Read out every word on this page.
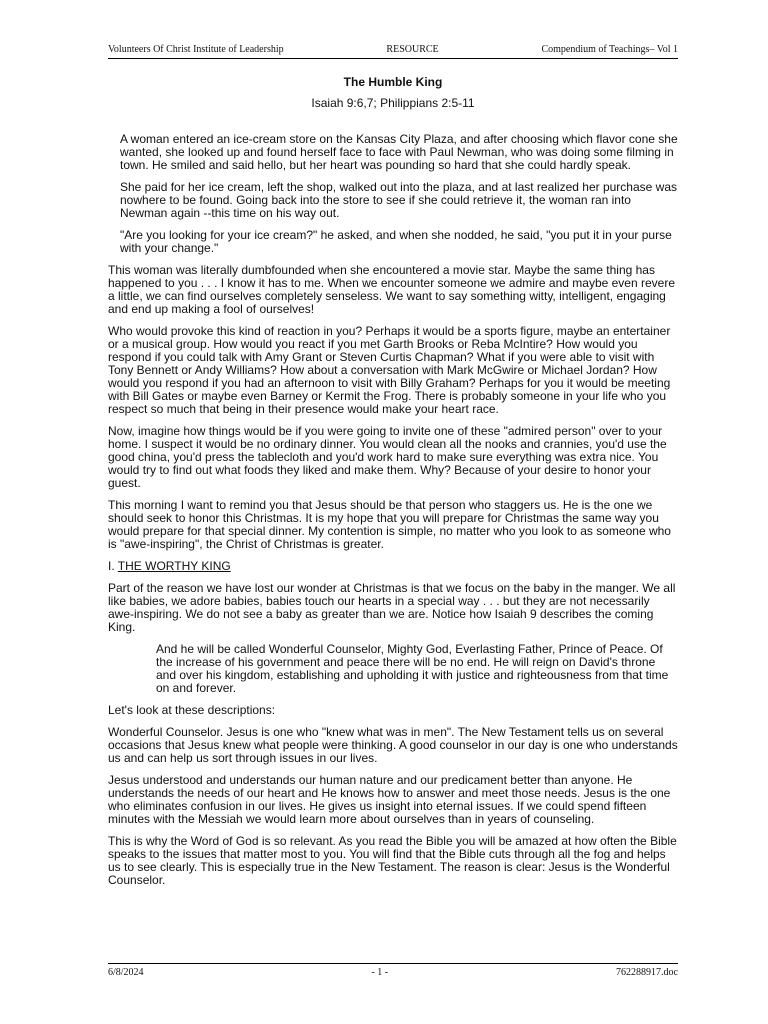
Volunteers Of Christ Institute of Leadership	RESOURCE	Compendium of Teachings– Vol 1
The Humble King
Isaiah 9:6,7; Philippians 2:5-11

A woman entered an ice-cream store on the Kansas City Plaza, and after choosing which flavor cone she wanted, she looked up and found herself face to face with Paul Newman, who was doing some filming in town. He smiled and said hello, but her heart was pounding so hard that she could hardly speak.

She paid for her ice cream, left the shop, walked out into the plaza, and at last realized her purchase was nowhere to be found. Going back into the store to see if she could retrieve it, the woman ran into Newman again --this time on his way out.

"Are you looking for your ice cream?" he asked, and when she nodded, he said, "you put it in your purse with your change."

This woman was literally dumbfounded when she encountered a movie star. Maybe the same thing has happened to you . . . I know it has to me. When we encounter someone we admire and maybe even revere a little, we can find ourselves completely senseless. We want to say something witty, intelligent, engaging and end up making a fool of ourselves!

Who would provoke this kind of reaction in you? Perhaps it would be a sports figure, maybe an entertainer or a musical group. How would you react if you met Garth Brooks or Reba McIntire? How would you respond if you could talk with Amy Grant or Steven Curtis Chapman? What if you were able to visit with Tony Bennett or Andy Williams? How about a conversation with Mark McGwire or Michael Jordan? How would you respond if you had an afternoon to visit with Billy Graham? Perhaps for you it would be meeting with Bill Gates or maybe even Barney or Kermit the Frog. There is probably someone in your life who you respect so much that being in their presence would make your heart race.

Now, imagine how things would be if you were going to invite one of these "admired person" over to your home. I suspect it would be no ordinary dinner. You would clean all the nooks and crannies, you'd use the good china, you'd press the tablecloth and you'd work hard to make sure everything was extra nice. You would try to find out what foods they liked and make them. Why? Because of your desire to honor your guest.

This morning I want to remind you that Jesus should be that person who staggers us. He is the one we should seek to honor this Christmas. It is my hope that you will prepare for Christmas the same way you would prepare for that special dinner. My contention is simple, no matter who you look to as someone who is "awe-inspiring", the Christ of Christmas is greater.

I. THE WORTHY KING

Part of the reason we have lost our wonder at Christmas is that we focus on the baby in the manger. We all like babies, we adore babies, babies touch our hearts in a special way . . . but they are not necessarily awe-inspiring. We do not see a baby as greater than we are. Notice how Isaiah 9 describes the coming King.

And he will be called Wonderful Counselor, Mighty God, Everlasting Father, Prince of Peace. Of the increase of his government and peace there will be no end. He will reign on David's throne and over his kingdom, establishing and upholding it with justice and righteousness from that time on and forever.

Let's look at these descriptions:

Wonderful Counselor. Jesus is one who "knew what was in men". The New Testament tells us on several occasions that Jesus knew what people were thinking. A good counselor in our day is one who understands us and can help us sort through issues in our lives.

Jesus understood and understands our human nature and our predicament better than anyone. He understands the needs of our heart and He knows how to answer and meet those needs. Jesus is the one who eliminates confusion in our lives. He gives us insight into eternal issues. If we could spend fifteen minutes with the Messiah we would learn more about ourselves than in years of counseling.

This is why the Word of God is so relevant. As you read the Bible you will be amazed at how often the Bible speaks to the issues that matter most to you. You will find that the Bible cuts through all the fog and helps us to see clearly. This is especially true in the New Testament. The reason is clear: Jesus is the Wonderful Counselor.

6/8/2024	- 1 -	762288917.doc
